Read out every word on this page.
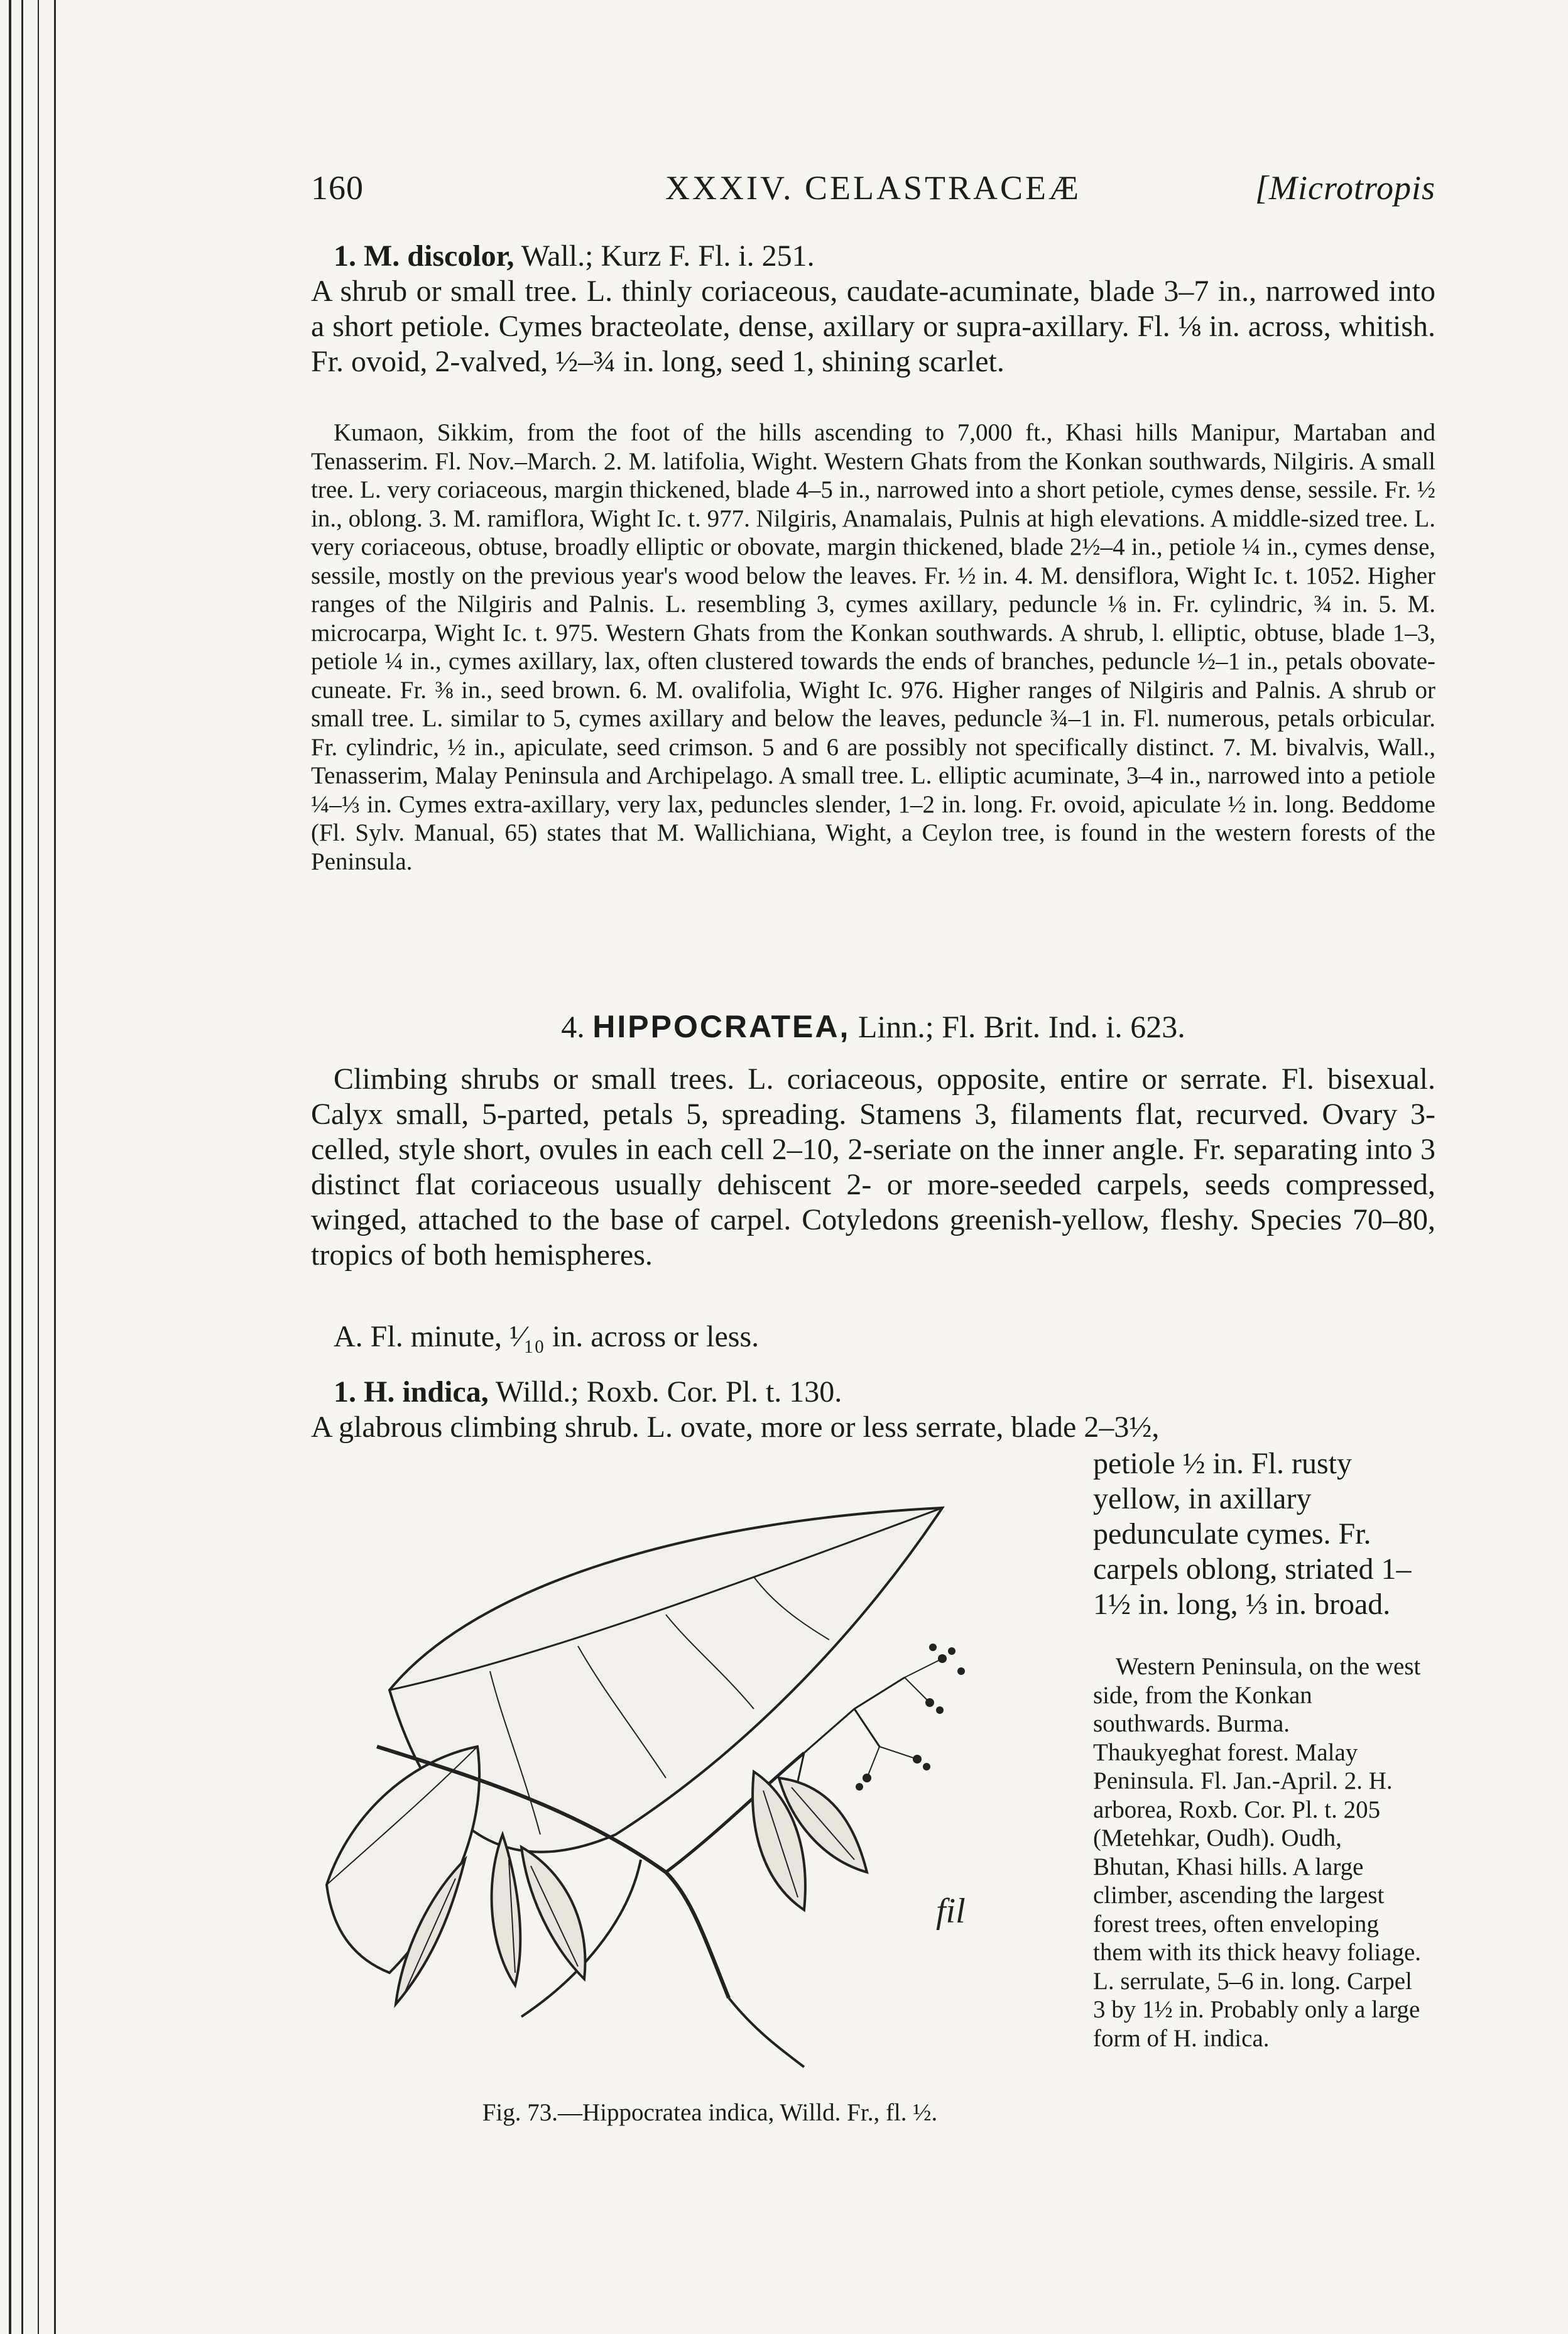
160	XXXIV. CELASTRACEÆ	[Microtropis

1. M. discolor, Wall.; Kurz F. Fl. i. 251.
A shrub or small tree. L. thinly coriaceous, caudate-acuminate, blade 3–7 in., narrowed into a short petiole. Cymes bracteolate, dense, axillary or supra-axillary. Fl. ⅛ in. across, whitish. Fr. ovoid, 2-valved, ½–¾ in. long, seed 1, shining scarlet.

Kumaon, Sikkim, from the foot of the hills ascending to 7,000 ft., Khasi hills Manipur, Martaban and Tenasserim. Fl. Nov.–March. 2. M. latifolia, Wight. Western Ghats from the Konkan southwards, Nilgiris. A small tree. L. very coriaceous, margin thickened, blade 4–5 in., narrowed into a short petiole, cymes dense, sessile. Fr. ½ in., oblong. 3. M. ramiflora, Wight Ic. t. 977. Nilgiris, Anamalais, Pulnis at high elevations. A middle-sized tree. L. very coriaceous, obtuse, broadly elliptic or obovate, margin thickened, blade 2½–4 in., petiole ¼ in., cymes dense, sessile, mostly on the previous year's wood below the leaves. Fr. ½ in. 4. M. densiflora, Wight Ic. t. 1052. Higher ranges of the Nilgiris and Palnis. L. resembling 3, cymes axillary, peduncle ⅛ in. Fr. cylindric, ¾ in. 5. M. microcarpa, Wight Ic. t. 975. Western Ghats from the Konkan southwards. A shrub, l. elliptic, obtuse, blade 1–3, petiole ¼ in., cymes axillary, lax, often clustered towards the ends of branches, peduncle ½–1 in., petals obovate-cuneate. Fr. ⅜ in., seed brown. 6. M. ovalifolia, Wight Ic. 976. Higher ranges of Nilgiris and Palnis. A shrub or small tree. L. similar to 5, cymes axillary and below the leaves, peduncle ¾–1 in. Fl. numerous, petals orbicular. Fr. cylindric, ½ in., apiculate, seed crimson. 5 and 6 are possibly not specifically distinct. 7. M. bivalvis, Wall., Tenasserim, Malay Peninsula and Archipelago. A small tree. L. elliptic acuminate, 3–4 in., narrowed into a petiole ¼–⅓ in. Cymes extra-axillary, very lax, peduncles slender, 1–2 in. long. Fr. ovoid, apiculate ½ in. long. Beddome (Fl. Sylv. Manual, 65) states that M. Wallichiana, Wight, a Ceylon tree, is found in the western forests of the Peninsula.

4. HIPPOCRATEA, Linn.; Fl. Brit. Ind. i. 623.

Climbing shrubs or small trees. L. coriaceous, opposite, entire or serrate. Fl. bisexual. Calyx small, 5-parted, petals 5, spreading. Stamens 3, filaments flat, recurved. Ovary 3-celled, style short, ovules in each cell 2–10, 2-seriate on the inner angle. Fr. separating into 3 distinct flat coriaceous usually dehiscent 2- or more-seeded carpels, seeds compressed, winged, attached to the base of carpel. Cotyledons greenish-yellow, fleshy. Species 70–80, tropics of both hemispheres.

A. Fl. minute, ¹⁄₁₀ in. across or less.

1. H. indica, Willd.; Roxb. Cor. Pl. t. 130.

A glabrous climbing shrub. L. ovate, more or less serrate, blade 2–3½,

petiole ½ in. Fl. rusty yellow, in axillary pedunculate cymes. Fr. carpels oblong, striated 1–1½ in. long, ⅓ in. broad.

Western Peninsula, on the west side, from the Konkan southwards. Burma. Thaukyeghat forest. Malay Peninsula. Fl. Jan.-April. 2. H. arborea, Roxb. Cor. Pl. t. 205 (Metehkar, Oudh). Oudh, Bhutan, Khasi hills. A large climber, ascending the largest forest trees, often enveloping them with its thick heavy foliage. L. serrulate, 5–6 in. long. Carpel 3 by 1½ in. Probably only a large form of H. indica.

fil
Fig. 73.—Hippocratea indica, Willd. Fr., fl. ½.
